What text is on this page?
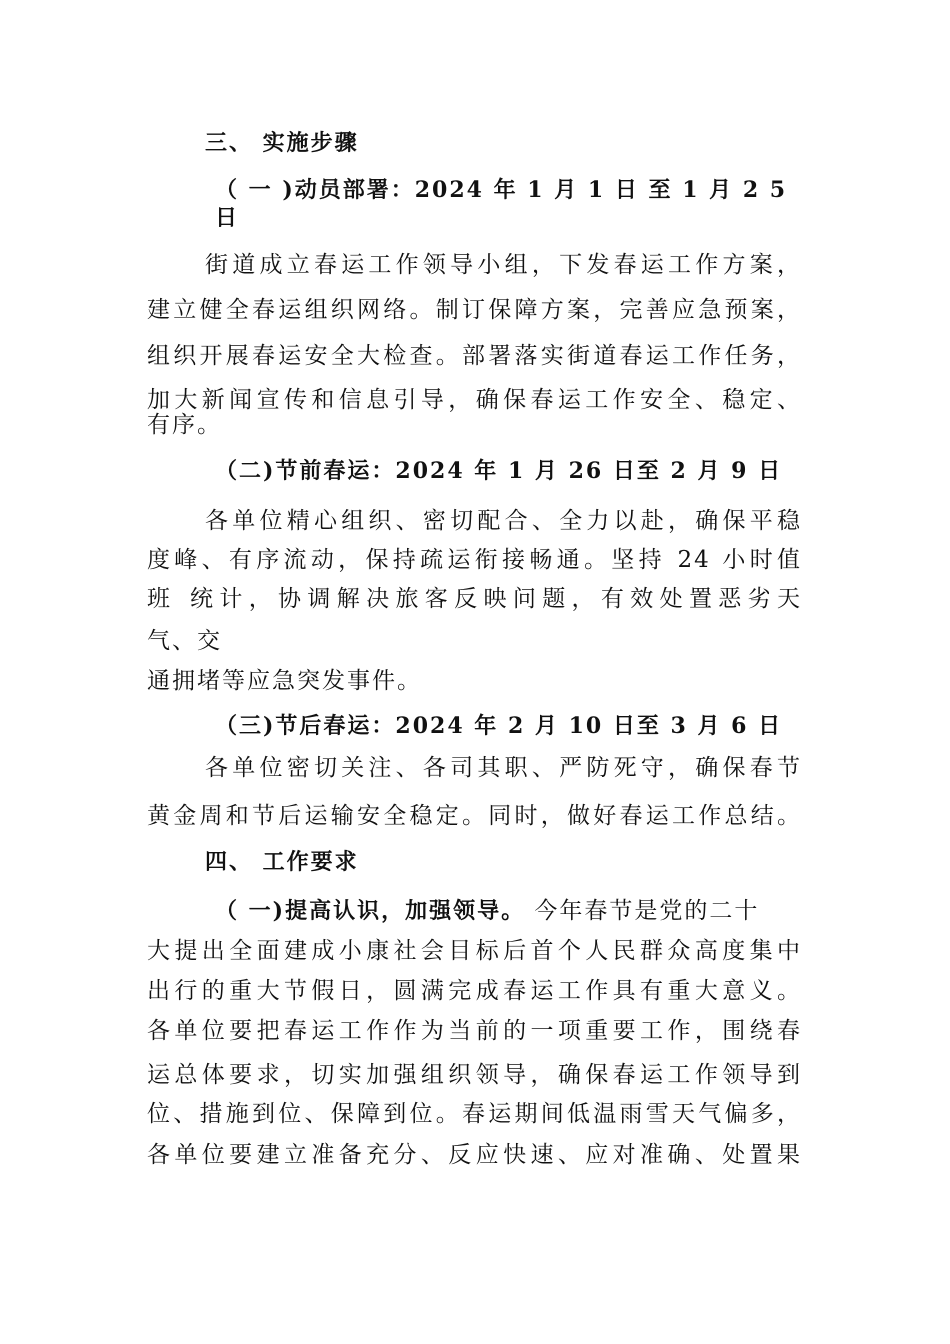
三、 实施步骤

（ 一 )动员部署：2024 年 1 月 1 日 至 1 月 2 5

日

街道成立春运工作领导小组，下发春运工作方案，

建立健全春运组织网络。制订保障方案，完善应急预案，

组织开展春运安全大检查。部署落实街道春运工作任务，

加大新闻宣传和信息引导，确保春运工作安全、稳定、

有序。

（二)节前春运：2024 年 1 月 26 日至 2 月 9 日

各单位精心组织、密切配合、全力以赴，确保平稳

度峰、有序流动，保持疏运衔接畅通。坚持 24 小时值

班 统计，协调解决旅客反映问题，有效处置恶劣天

气、交

通拥堵等应急突发事件。

（三)节后春运：2024 年 2 月 10 日至 3 月 6 日

各单位密切关注、各司其职、严防死守，确保春节

黄金周和节后运输安全稳定。同时，做好春运工作总结。

四、 工作要求

（ 一)提高认识，加强领导。 今年春节是党的二十

大提出全面建成小康社会目标后首个人民群众高度集中

出行的重大节假日，圆满完成春运工作具有重大意义。

各单位要把春运工作作为当前的一项重要工作，围绕春

运总体要求，切实加强组织领导，确保春运工作领导到

位、措施到位、保障到位。春运期间低温雨雪天气偏多，

各单位要建立准备充分、反应快速、应对准确、处置果
